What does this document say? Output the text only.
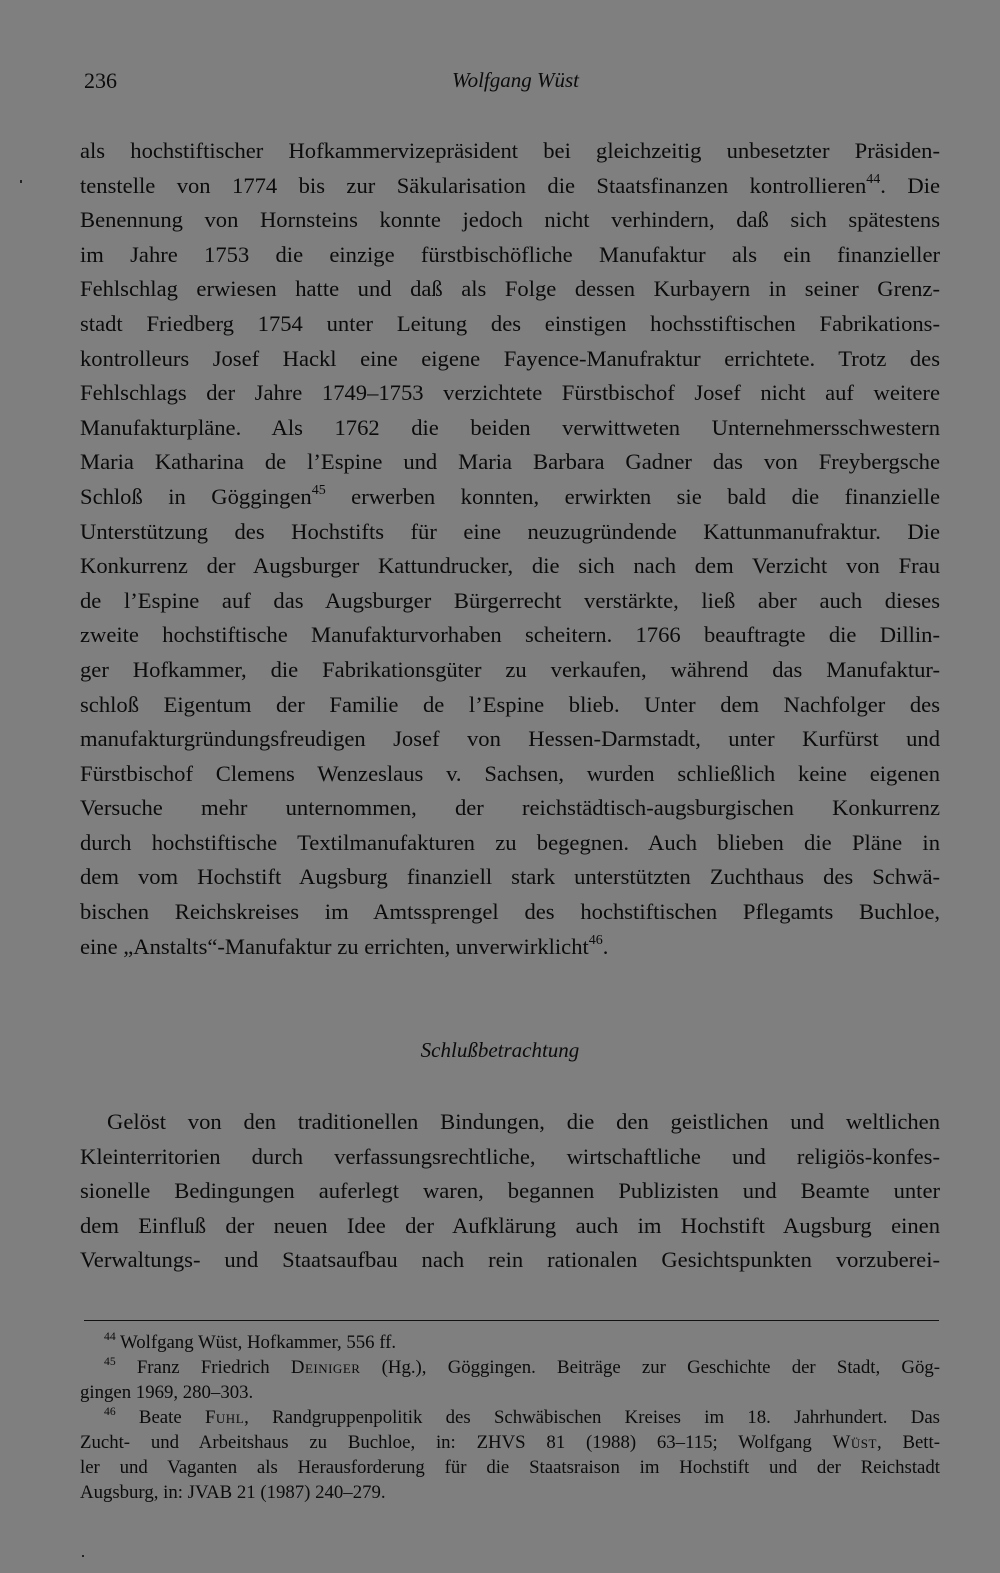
236	Wolfgang Wüst
als hochstiftischer Hofkammervizepräsident bei gleichzeitig unbesetzter Präsiden-
tenstelle von 1774 bis zur Säkularisation die Staatsfinanzen kontrollieren$^{44}$. Die
Benennung von Hornsteins konnte jedoch nicht verhindern, daß sich spätestens
im Jahre 1753 die einzige fürstbischöfliche Manufaktur als ein finanzieller
Fehlschlag erwiesen hatte und daß als Folge dessen Kurbayern in seiner Grenz-
stadt Friedberg 1754 unter Leitung des einstigen hochsstiftischen Fabrikations-
kontrolleurs Josef Hackl eine eigene Fayence-Manufraktur errichtete. Trotz des
Fehlschlags der Jahre 1749–1753 verzichtete Fürstbischof Josef nicht auf weitere
Manufakturpläne. Als 1762 die beiden verwittweten Unternehmersschwestern
Maria Katharina de l’Espine und Maria Barbara Gadner das von Freybergsche
Schloß in Göggingen$^{45}$ erwerben konnten, erwirkten sie bald die finanzielle
Unterstützung des Hochstifts für eine neuzugründende Kattunmanufraktur. Die
Konkurrenz der Augsburger Kattundrucker, die sich nach dem Verzicht von Frau
de l’Espine auf das Augsburger Bürgerrecht verstärkte, ließ aber auch dieses
zweite hochstiftische Manufakturvorhaben scheitern. 1766 beauftragte die Dillin-
ger Hofkammer, die Fabrikationsgüter zu verkaufen, während das Manufaktur-
schloß Eigentum der Familie de l’Espine blieb. Unter dem Nachfolger des
manufakturgründungsfreudigen Josef von Hessen-Darmstadt, unter Kurfürst und
Fürstbischof Clemens Wenzeslaus v. Sachsen, wurden schließlich keine eigenen
Versuche mehr unternommen, der reichstädtisch-augsburgischen Konkurrenz
durch hochstiftische Textilmanufakturen zu begegnen. Auch blieben die Pläne in
dem vom Hochstift Augsburg finanziell stark unterstützten Zuchthaus des Schwä-
bischen Reichskreises im Amtssprengel des hochstiftischen Pflegamts Buchloe,
eine „Anstalts“-Manufaktur zu errichten, unverwirklicht$^{46}$.
Schlußbetrachtung
Gelöst von den traditionellen Bindungen, die den geistlichen und weltlichen
Kleinterritorien durch verfassungsrechtliche, wirtschaftliche und religiös-konfes-
sionelle Bedingungen auferlegt waren, begannen Publizisten und Beamte unter
dem Einfluß der neuen Idee der Aufklärung auch im Hochstift Augsburg einen
Verwaltungs- und Staatsaufbau nach rein rationalen Gesichtspunkten vorzuberei-
$^{44}$ Wolfgang Wüst, Hofkammer, 556 ff.
$^{45}$ Franz Friedrich Deiniger (Hg.), Göggingen. Beiträge zur Geschichte der Stadt, Gög-
gingen 1969, 280–303.
$^{46}$ Beate Fuhl, Randgruppenpolitik des Schwäbischen Kreises im 18. Jahrhundert. Das
Zucht- und Arbeitshaus zu Buchloe, in: ZHVS 81 (1988) 63–115; Wolfgang Wüst, Bett-
ler und Vaganten als Herausforderung für die Staatsraison im Hochstift und der Reichstadt
Augsburg, in: JVAB 21 (1987) 240–279.
